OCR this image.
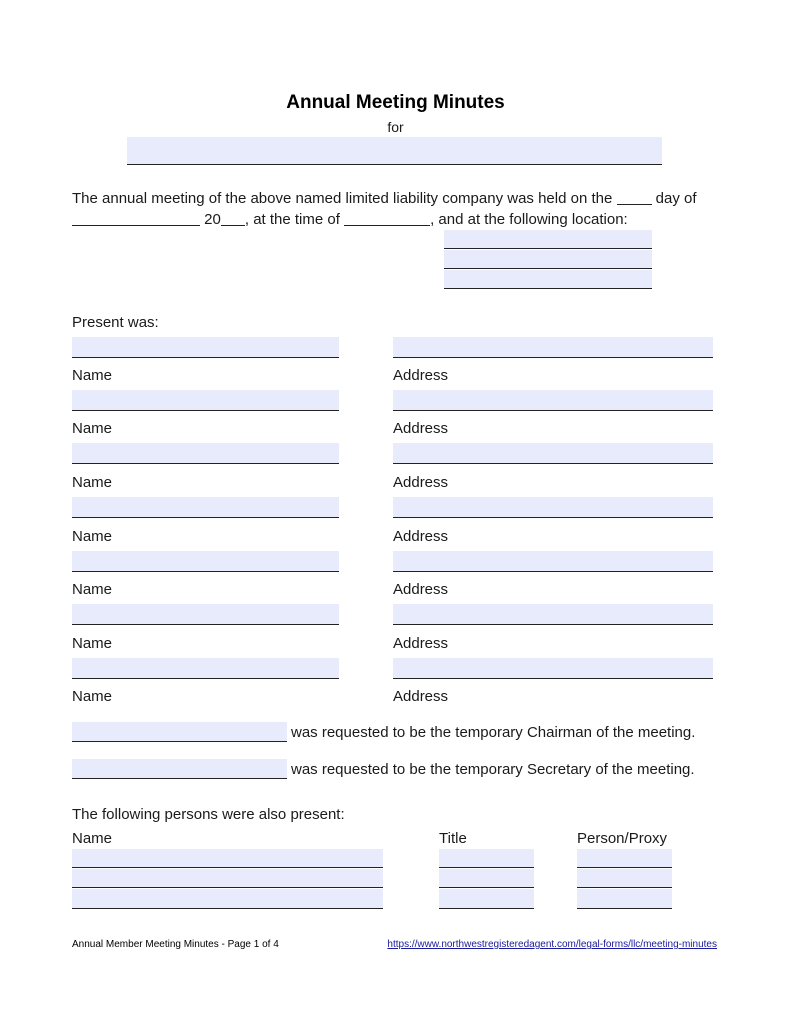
Annual Meeting Minutes
for
The annual meeting of the above named limited liability company was held on the	day of
20 , at the time of	, and at the following location:
Present was:
Name	Address
Name	Address
Name	Address
Name	Address
Name	Address
Name	Address
Name	Address
was requested to be the temporary Chairman of the meeting.
was requested to be the temporary Secretary of the meeting.
The following persons were also present:
Name	Title	Person/Proxy
Annual Member Meeting Minutes - Page 1 of 4	https://www.northwestregisteredagent.com/legal-forms/llc/meeting-minutes
